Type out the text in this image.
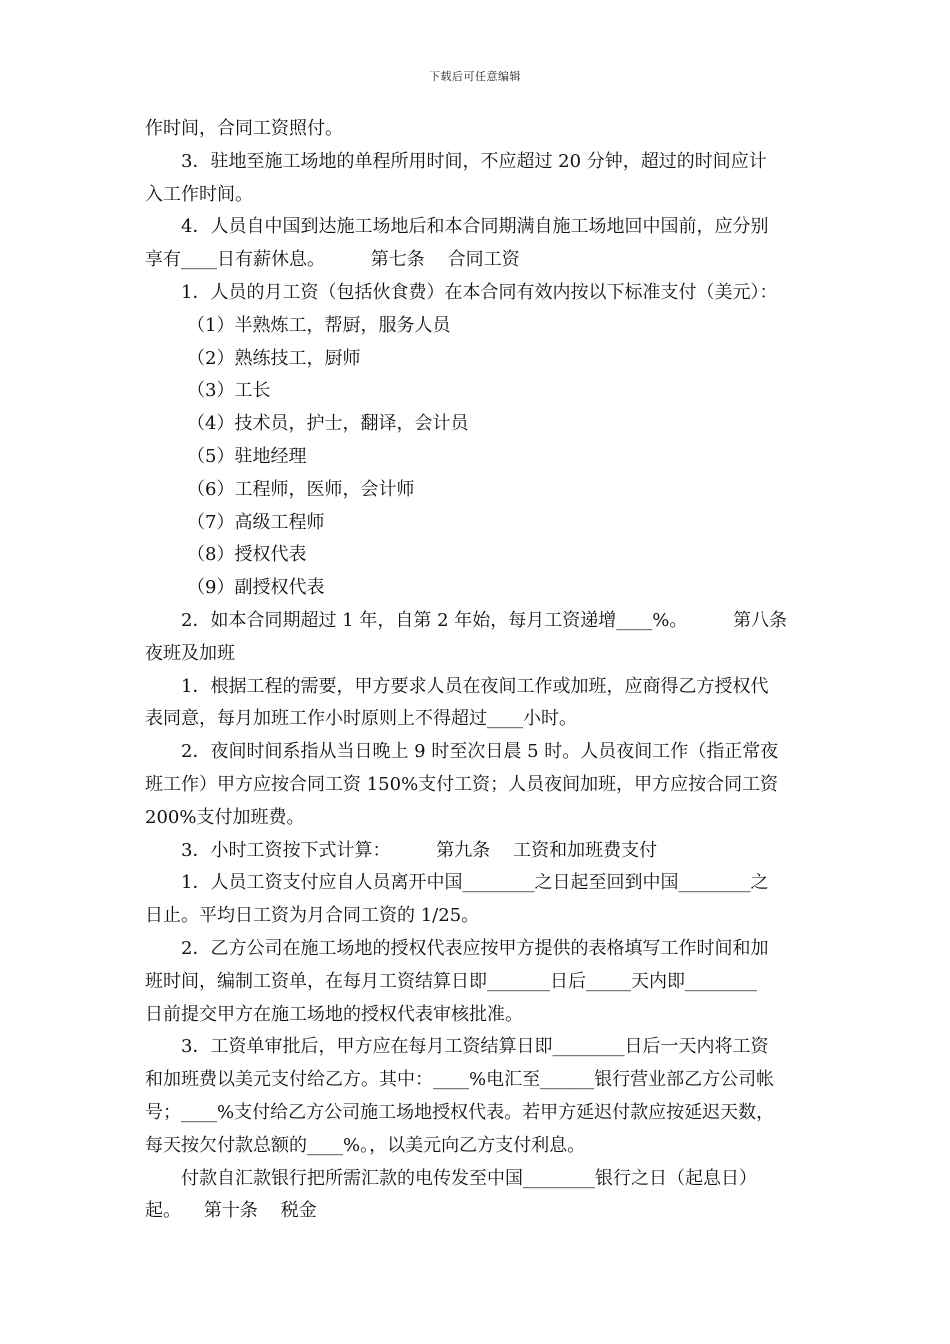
下载后可任意编辑
作时间，合同工资照付。
3．驻地至施工场地的单程所用时间，不应超过 20 分钟，超过的时间应计
入工作时间。
4．人员自中国到达施工场地后和本合同期满自施工场地回中国前，应分别
享有____日有薪休息。        第七条    合同工资
1．人员的月工资（包括伙食费）在本合同有效内按以下标准支付（美元）：
（1）半熟炼工，帮厨，服务人员
（2）熟练技工，厨师
（3）工长
（4）技术员，护士，翻译，会计员
（5）驻地经理
（6）工程师，医师，会计师
（7）高级工程师
（8）授权代表
（9）副授权代表
2．如本合同期超过 1 年，自第 2 年始，每月工资递增____%。        第八条
夜班及加班
1．根据工程的需要，甲方要求人员在夜间工作或加班，应商得乙方授权代
表同意，每月加班工作小时原则上不得超过____小时。
2．夜间时间系指从当日晚上 9 时至次日晨 5 时。人员夜间工作（指正常夜
班工作）甲方应按合同工资 150%支付工资；人员夜间加班，甲方应按合同工资
200%支付加班费。
3．小时工资按下式计算：        第九条    工资和加班费支付
1．人员工资支付应自人员离开中国________之日起至回到中国________之
日止。平均日工资为月合同工资的 1/25。
2．乙方公司在施工场地的授权代表应按甲方提供的表格填写工作时间和加
班时间，编制工资单，在每月工资结算日即_______日后_____天内即________
日前提交甲方在施工场地的授权代表审核批准。
3．工资单审批后，甲方应在每月工资结算日即________日后一天内将工资
和加班费以美元支付给乙方。其中：____%电汇至______银行营业部乙方公司帐
号；____%支付给乙方公司施工场地授权代表。若甲方延迟付款应按延迟天数，
每天按欠付款总额的____%。，以美元向乙方支付利息。
付款自汇款银行把所需汇款的电传发至中国________银行之日（起息日）
起。    第十条    税金
